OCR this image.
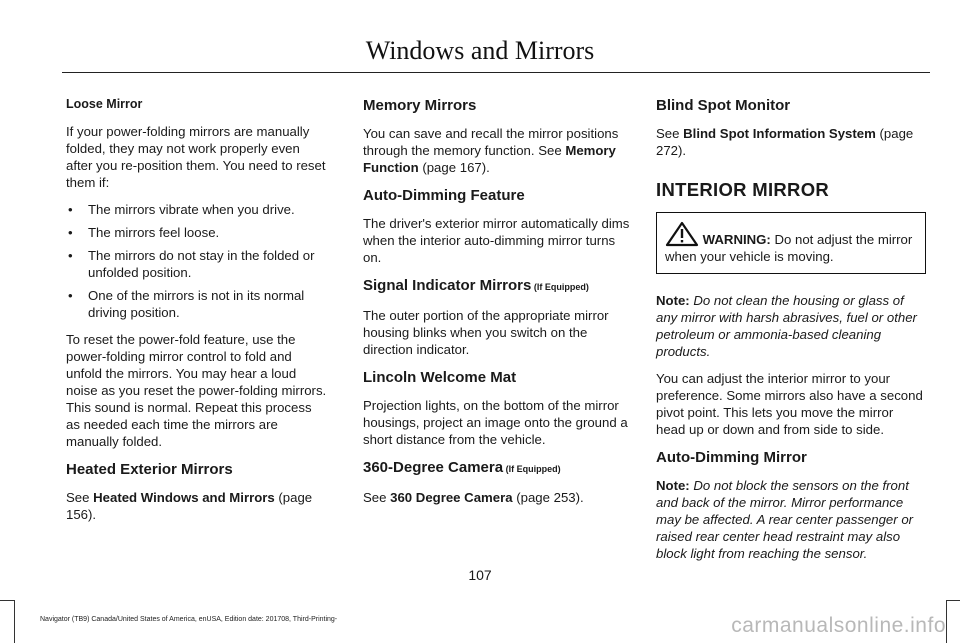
Windows and Mirrors
Loose Mirror

If your power-folding mirrors are manually folded, they may not work properly even after you re-position them. You need to reset them if:

• The mirrors vibrate when you drive.
• The mirrors feel loose.
• The mirrors do not stay in the folded or unfolded position.
• One of the mirrors is not in its normal driving position.

To reset the power-fold feature, use the power-folding mirror control to fold and unfold the mirrors. You may hear a loud noise as you reset the power-folding mirrors. This sound is normal. Repeat this process as needed each time the mirrors are manually folded.

Heated Exterior Mirrors

See Heated Windows and Mirrors (page 156).

Memory Mirrors

You can save and recall the mirror positions through the memory function. See Memory Function (page 167).

Auto-Dimming Feature

The driver's exterior mirror automatically dims when the interior auto-dimming mirror turns on.

Signal Indicator Mirrors (If Equipped)

The outer portion of the appropriate mirror housing blinks when you switch on the direction indicator.

Lincoln Welcome Mat

Projection lights, on the bottom of the mirror housings, project an image onto the ground a short distance from the vehicle.

360-Degree Camera (If Equipped)

See 360 Degree Camera (page 253).

Blind Spot Monitor

See Blind Spot Information System (page 272).

INTERIOR MIRROR
WARNING: Do not adjust the mirror when your vehicle is moving.

Note: Do not clean the housing or glass of any mirror with harsh abrasives, fuel or other petroleum or ammonia-based cleaning products.

You can adjust the interior mirror to your preference. Some mirrors also have a second pivot point. This lets you move the mirror head up or down and from side to side.

Auto-Dimming Mirror

Note: Do not block the sensors on the front and back of the mirror. Mirror performance may be affected. A rear center passenger or raised rear center head restraint may also block light from reaching the sensor.

107
Navigator (TB9) Canada/United States of America, enUSA, Edition date: 201708, Third-Printing-	carmanualsonline.info
